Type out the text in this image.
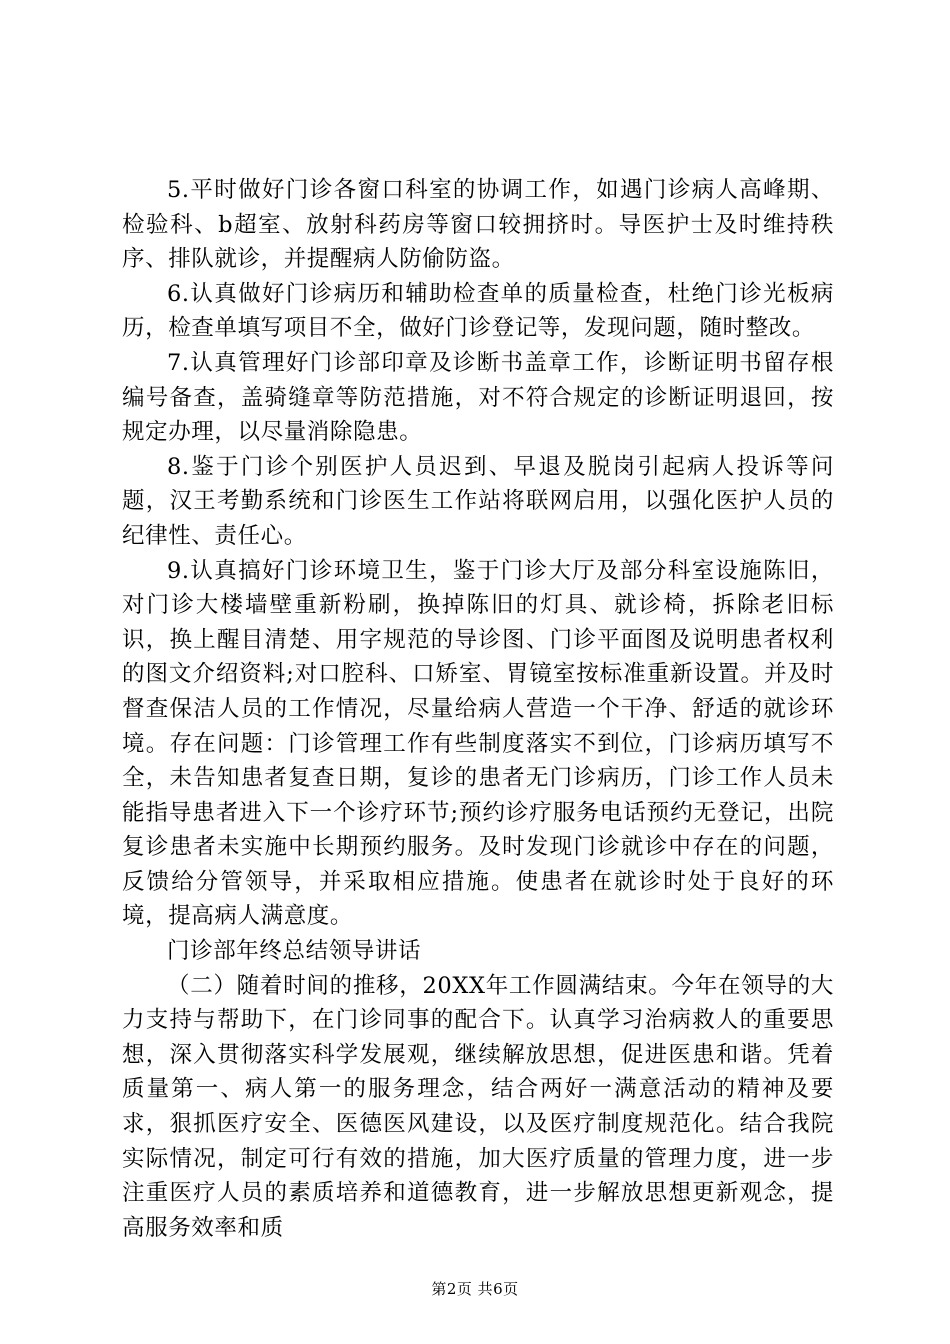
5.平时做好门诊各窗口科室的协调工作，如遇门诊病人高峰期、检验科、b超室、放射科药房等窗口较拥挤时。导医护士及时维持秩序、排队就诊，并提醒病人防偷防盗。

6.认真做好门诊病历和辅助检查单的质量检查，杜绝门诊光板病历，检查单填写项目不全，做好门诊登记等，发现问题，随时整改。

7.认真管理好门诊部印章及诊断书盖章工作，诊断证明书留存根编号备查，盖骑缝章等防范措施，对不符合规定的诊断证明退回，按规定办理，以尽量消除隐患。

8.鉴于门诊个别医护人员迟到、早退及脱岗引起病人投诉等问题，汉王考勤系统和门诊医生工作站将联网启用，以强化医护人员的纪律性、责任心。

9.认真搞好门诊环境卫生，鉴于门诊大厅及部分科室设施陈旧，对门诊大楼墙壁重新粉刷，换掉陈旧的灯具、就诊椅，拆除老旧标识，换上醒目清楚、用字规范的导诊图、门诊平面图及说明患者权利的图文介绍资料;对口腔科、口矫室、胃镜室按标准重新设置。并及时督查保洁人员的工作情况，尽量给病人营造一个干净、舒适的就诊环境。存在问题：门诊管理工作有些制度落实不到位，门诊病历填写不全，未告知患者复查日期，复诊的患者无门诊病历，门诊工作人员未能指导患者进入下一个诊疗环节;预约诊疗服务电话预约无登记，出院复诊患者未实施中长期预约服务。及时发现门诊就诊中存在的问题，反馈给分管领导，并采取相应措施。使患者在就诊时处于良好的环境，提高病人满意度。

门诊部年终总结领导讲话

（二）随着时间的推移，20XX年工作圆满结束。今年在领导的大力支持与帮助下，在门诊同事的配合下。认真学习治病救人的重要思想，深入贯彻落实科学发展观，继续解放思想，促进医患和谐。凭着质量第一、病人第一的服务理念，结合两好一满意活动的精神及要求，狠抓医疗安全、医德医风建设，以及医疗制度规范化。结合我院实际情况，制定可行有效的措施，加大医疗质量的管理力度，进一步注重医疗人员的素质培养和道德教育，进一步解放思想更新观念，提高服务效率和质

第2页 共6页
